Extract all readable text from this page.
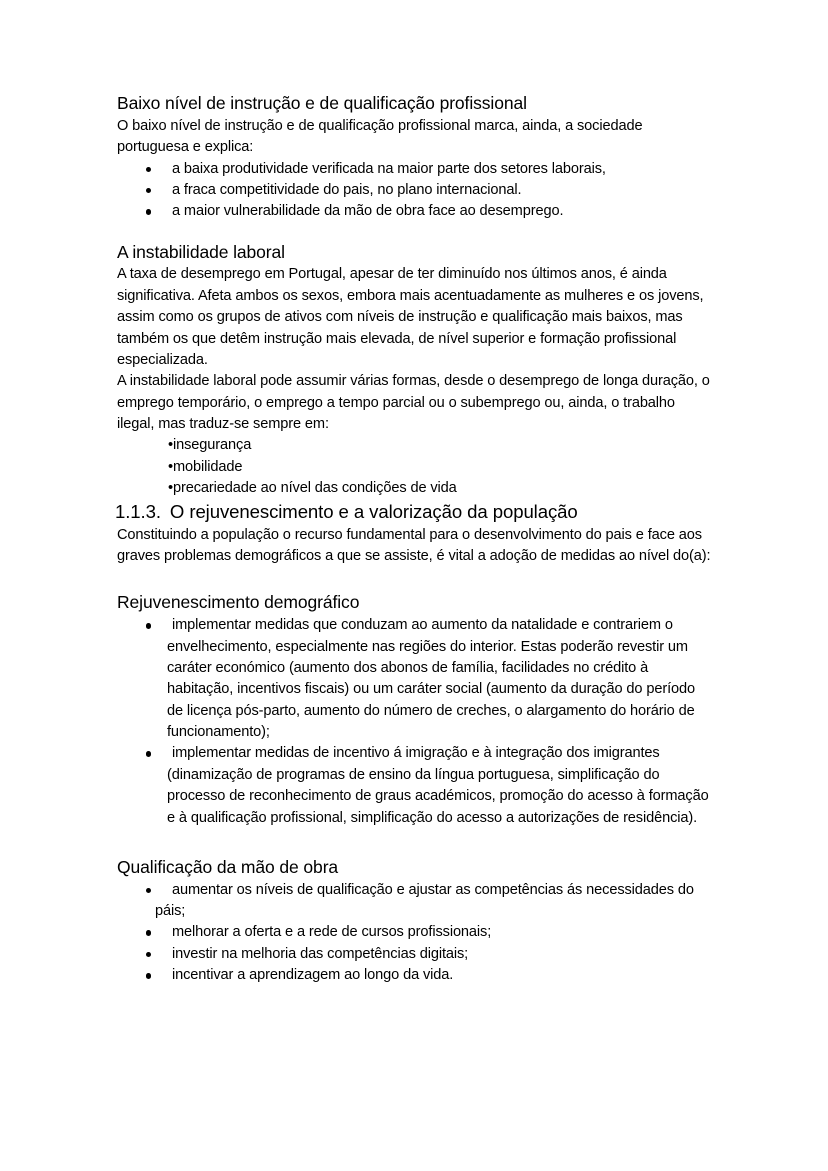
Baixo nível de instrução e de qualificação profissional

O baixo nível de instrução e de qualificação profissional marca, ainda, a sociedade portuguesa e explica:

a baixa produtividade verificada na maior parte dos setores laborais,
a fraca competitividade do pais, no plano internacional.
a maior vulnerabilidade da mão de obra face ao desemprego.
A instabilidade laboral

A taxa de desemprego em Portugal, apesar de ter diminuído nos últimos anos, é ainda significativa. Afeta ambos os sexos, embora mais acentuadamente as mulheres e os jovens, assim como os grupos de ativos com níveis de instrução e qualificação mais baixos, mas também os que detêm instrução mais elevada, de nível superior e formação profissional especializada.

A instabilidade laboral pode assumir várias formas, desde o desemprego de longa duração, o emprego temporário, o emprego a tempo parcial ou o subemprego ou, ainda, o trabalho ilegal, mas traduz-se sempre em:

•insegurança
•mobilidade
•precariedade ao nível das condições de vida
1.1.3. O rejuvenescimento e a valorização da população

Constituindo a população o recurso fundamental para o desenvolvimento do pais e face aos graves problemas demográficos a que se assiste, é vital a adoção de medidas ao nível do(a):

Rejuvenescimento demográfico
implementar medidas que conduzam ao aumento da natalidade e contrariem o envelhecimento, especialmente nas regiões do interior. Estas poderão revestir um caráter económico (aumento dos abonos de família, facilidades no crédito à habitação, incentivos fiscais) ou um caráter social (aumento da duração do período de licença pós-parto, aumento do número de creches, o alargamento do horário de funcionamento);
implementar medidas de incentivo á imigração e à integração dos imigrantes (dinamização de programas de ensino da língua portuguesa, simplificação do processo de reconhecimento de graus académicos, promoção do acesso à formação e à qualificação profissional, simplificação do acesso a autorizações de residência).
Qualificação da mão de obra
aumentar os níveis de qualificação e ajustar as competências ás necessidades do páis;
melhorar a oferta e a rede de cursos profissionais;
investir na melhoria das competências digitais;
incentivar a aprendizagem ao longo da vida.
